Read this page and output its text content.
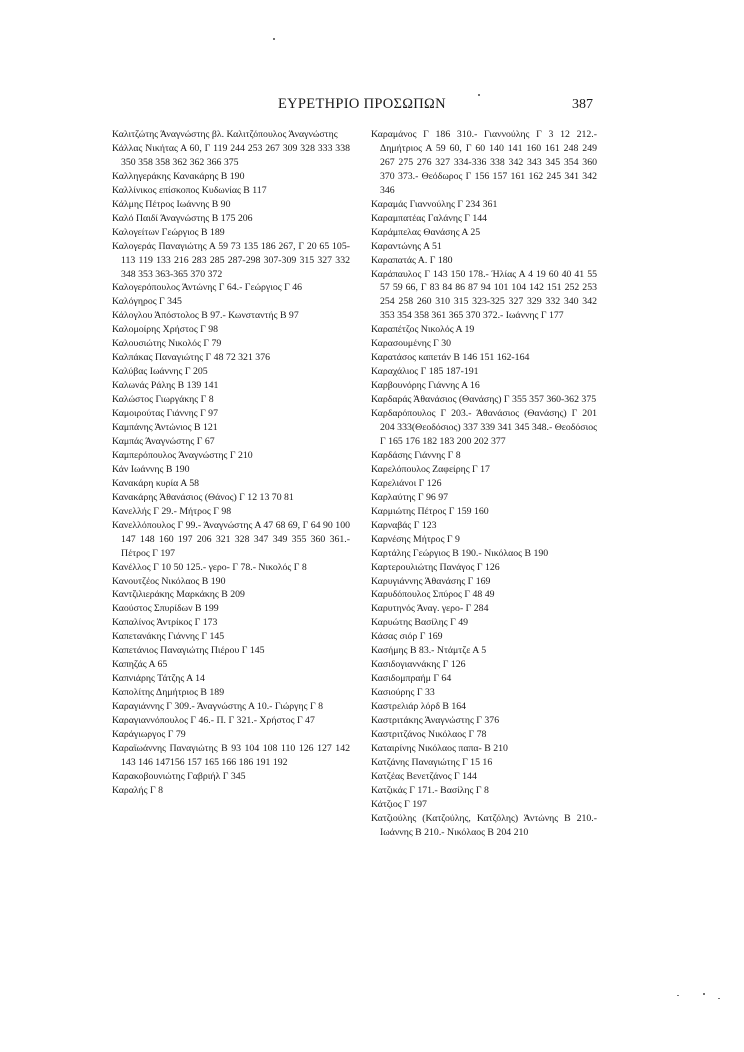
ΕΥΡΕΤΗΡΙΟ ΠΡΟΣΩΠΩΝ	387
Καλιτζώτης Άναγνώστης βλ. Καλιτζόπουλος Άναγνώστης
Κάλλας Νικήτας Α 60, Γ 119 244 253 267 309 328 333 338 350 358 358 362 362 366 375
Καλληγεράκης Κανακάρης Β 190
Καλλίνικος επίσκοπος Κυδωνίας Β 117
Κάλμης Πέτρος Ιωάννης Β 90
Καλό Παιδί Άναγνώστης Β 175 206
Καλογείτων Γεώργιος Β 189
Καλογεράς Παναγιώτης Α 59 73 135 186 267, Γ 20 65 105-113 119 133 216 283 285 287-298 307-309 315 327 332 348 353 363-365 370 372
Καλογερόπουλος Άντώνης Γ 64.- Γεώργιος Γ 46
Καλόγηρος Γ 345
Κάλογλου Άπόστολος Β 97.- Κωνσταντής Β 97
Καλομοίρης Χρήστος Γ 98
Καλουσιώτης Νικολός Γ 79
Καλπάκας Παναγιώτης Γ 48 72 321 376
Καλύβας Ιωάννης Γ 205
Καλωνάς Ράλης Β 139 141
Καλώστος Γιωργάκης Γ 8
Καμοιρούτας Γιάννης Γ 97
Καμπάνης Άντώνιος Β 121
Καμπάς Άναγνώστης Γ 67
Καμπερόπουλος Άναγνώστης Γ 210
Κάν Ιωάννης Β 190
Κανακάρη κυρία Α 58
Κανακάρης Άθανάσιος (Θάνος) Γ 12 13 70 81
Κανελλής Γ 29.- Μήτρος Γ 98
Κανελλόπουλος Γ 99.- Άναγνώστης Α 47 68 69, Γ 64 90 100 147 148 160 197 206 321 328 347 349 355 360 361.- Πέτρος Γ 197
Κανέλλος Γ 10 50 125.- γερο- Γ 78.- Νικολός Γ 8
Κανουτζέος Νικόλαος Β 190
Καντζιλιεράκης Μαρκάκης Β 209
Καούστος Σπυρίδων Β 199
Καπαλίνος Άντρίκος Γ 173
Καπετανάκης Γιάννης Γ 145
Καπετάνιος Παναγιώτης Πιέρου Γ 145
Καπηζάς Α 65
Καπνιάρης Τάτζης Α 14
Καπολίτης Δημήτριος Β 189
Καραγιάννης Γ 309.- Άναγνώστης Α 10.- Γιώργης Γ 8
Καραγιαννόπουλος Γ 46.- Π. Γ 321.- Χρήστος Γ 47
Καράγιωργος Γ 79
Καραϊωάννης Παναγιώτης Β 93 104 108 110 126 127 142 143 146 147156 157 165 166 186 191 192
Καρακοβουνιώτης Γαβριήλ Γ 345
Καραλής Γ 8
Καραμάνος Γ 186 310.- Γιαννούλης Γ 3 12 212.- Δημήτριος Α 59 60, Γ 60 140 141 160 161 248 249 267 275 276 327 334-336 338 342 343 345 354 360 370 373.- Θεόδωρος Γ 156 157 161 162 245 341 342 346
Καραμάς Γιαννούλης Γ 234 361
Καραμπατέας Γαλάνης Γ 144
Καράμπελας Θανάσης Α 25
Καραντώνης Α 51
Καραπατάς Α. Γ 180
Καράπαυλος Γ 143 150 178.- Ήλίας Α 4 19 60 40 41 55 57 59 66, Γ 83 84 86 87 94 101 104 142 151 252 253 254 258 260 310 315 323-325 327 329 332 340 342 353 354 358 361 365 370 372.- Ιωάννης Γ 177
Καραπέτζος Νικολός Α 19
Καρασουμένης Γ 30
Καρατάσος καπετάν Β 146 151 162-164
Καραχάλιος Γ 185 187-191
Καρβουνόρης Γιάννης Α 16
Καρδαράς Άθανάσιος (Θανάσης) Γ 355 357 360-362 375
Καρδαρόπουλος Γ 203.- Άθανάσιος (Θανάσης) Γ 201 204 333(Θεοδόσιος) 337 339 341 345 348.- Θεοδόσιος Γ 165 176 182 183 200 202 377
Καρδάσης Γιάννης Γ 8
Καρελόπουλος Ζαφείρης Γ 17
Καρελιάνοι Γ 126
Καρλαύτης Γ 96 97
Καρμιώτης Πέτρος Γ 159 160
Καρναβάς Γ 123
Καρνέσης Μήτρος Γ 9
Καρτάλης Γεώργιος Β 190.- Νικόλαος Β 190
Καρτερουλιώτης Πανάγος Γ 126
Καρυγιάννης Άθανάσης Γ 169
Καρυδόπουλος Σπύρος Γ 48 49
Καρυτηνός Άναγ. γερο- Γ 284
Καρυώτης Βασίλης Γ 49
Κάσας σιόρ Γ 169
Κασήμης Β 83.- Ντάμτζε Α 5
Κασιδογιαννάκης Γ 126
Κασιδομπραήμ Γ 64
Κασιούρης Γ 33
Καστρελιάρ λόρδ Β 164
Καστριτάκης Άναγνώστης Γ 376
Καστριτζάνος Νικόλαος Γ 78
Καταιρίνης Νικόλαος παπα- Β 210
Κατζάνης Παναγιώτης Γ 15 16
Κατζέας Βενετζάνος Γ 144
Κατζικάς Γ 171.- Βασίλης Γ 8
Κάτζιος Γ 197
Κατζιούλης (Κατζούλης, Κατζόλης) Άντώνης Β 210.- Ιωάννης Β 210.- Νικόλαος Β 204 210
